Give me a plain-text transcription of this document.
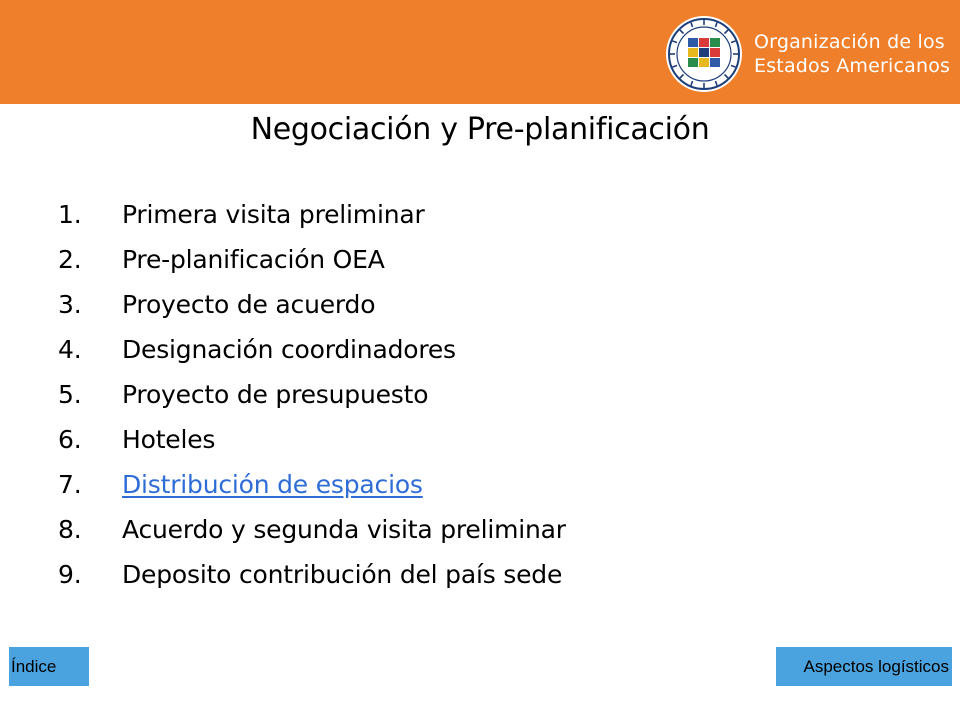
Organización de los
Estados Americanos
Negociación y Pre-planificación
1.	Primera visita preliminar
2.	Pre-planificación OEA
3.	Proyecto de acuerdo
4.	Designación coordinadores
5.	Proyecto de presupuesto
6.	Hoteles
7.	Distribución de espacios
8.	Acuerdo y segunda visita preliminar
9.	Deposito contribución del país sede
Índice	Aspectos logísticos
